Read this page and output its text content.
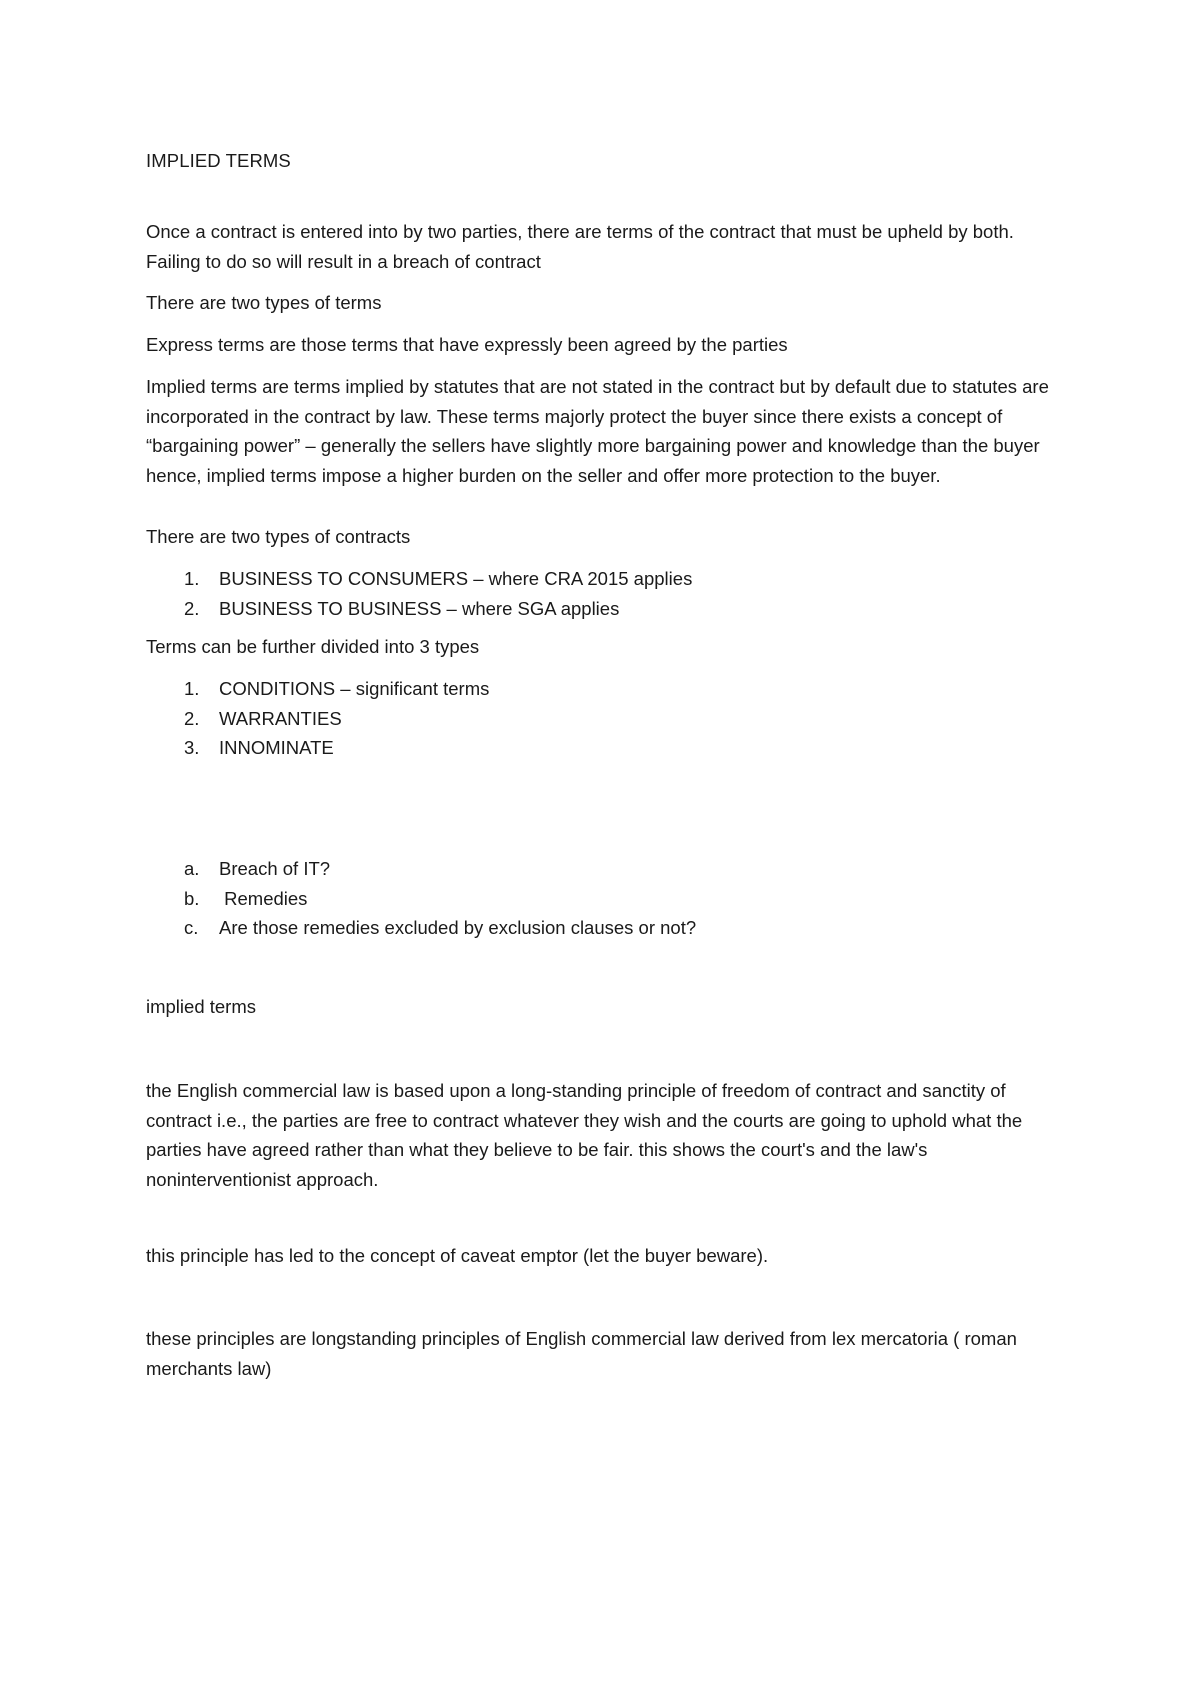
IMPLIED TERMS

Once a contract is entered into by two parties, there are terms of the contract that must be upheld by both. Failing to do so will result in a breach of contract

There are two types of terms

Express terms are those terms that have expressly been agreed by the parties

Implied terms are terms implied by statutes that are not stated in the contract but by default due to statutes are incorporated in the contract by law. These terms majorly protect the buyer since there exists a concept of “bargaining power” – generally the sellers have slightly more bargaining power and knowledge than the buyer hence, implied terms impose a higher burden on the seller and offer more protection to the buyer.

There are two types of contracts

1. BUSINESS TO CONSUMERS – where CRA 2015 applies
2. BUSINESS TO BUSINESS – where SGA applies

Terms can be further divided into 3 types

1. CONDITIONS – significant terms
2. WARRANTIES
3. INNOMINATE
a. Breach of IT?
b. Remedies
c. Are those remedies excluded by exclusion clauses or not?

implied terms

the English commercial law is based upon a long-standing principle of freedom of contract and sanctity of contract i.e., the parties are free to contract whatever they wish and the courts are going to uphold what the parties have agreed rather than what they believe to be fair. this shows the court's and the law's noninterventionist approach.

this principle has led to the concept of caveat emptor (let the buyer beware).

these principles are longstanding principles of English commercial law derived from lex mercatoria ( roman merchants law)
